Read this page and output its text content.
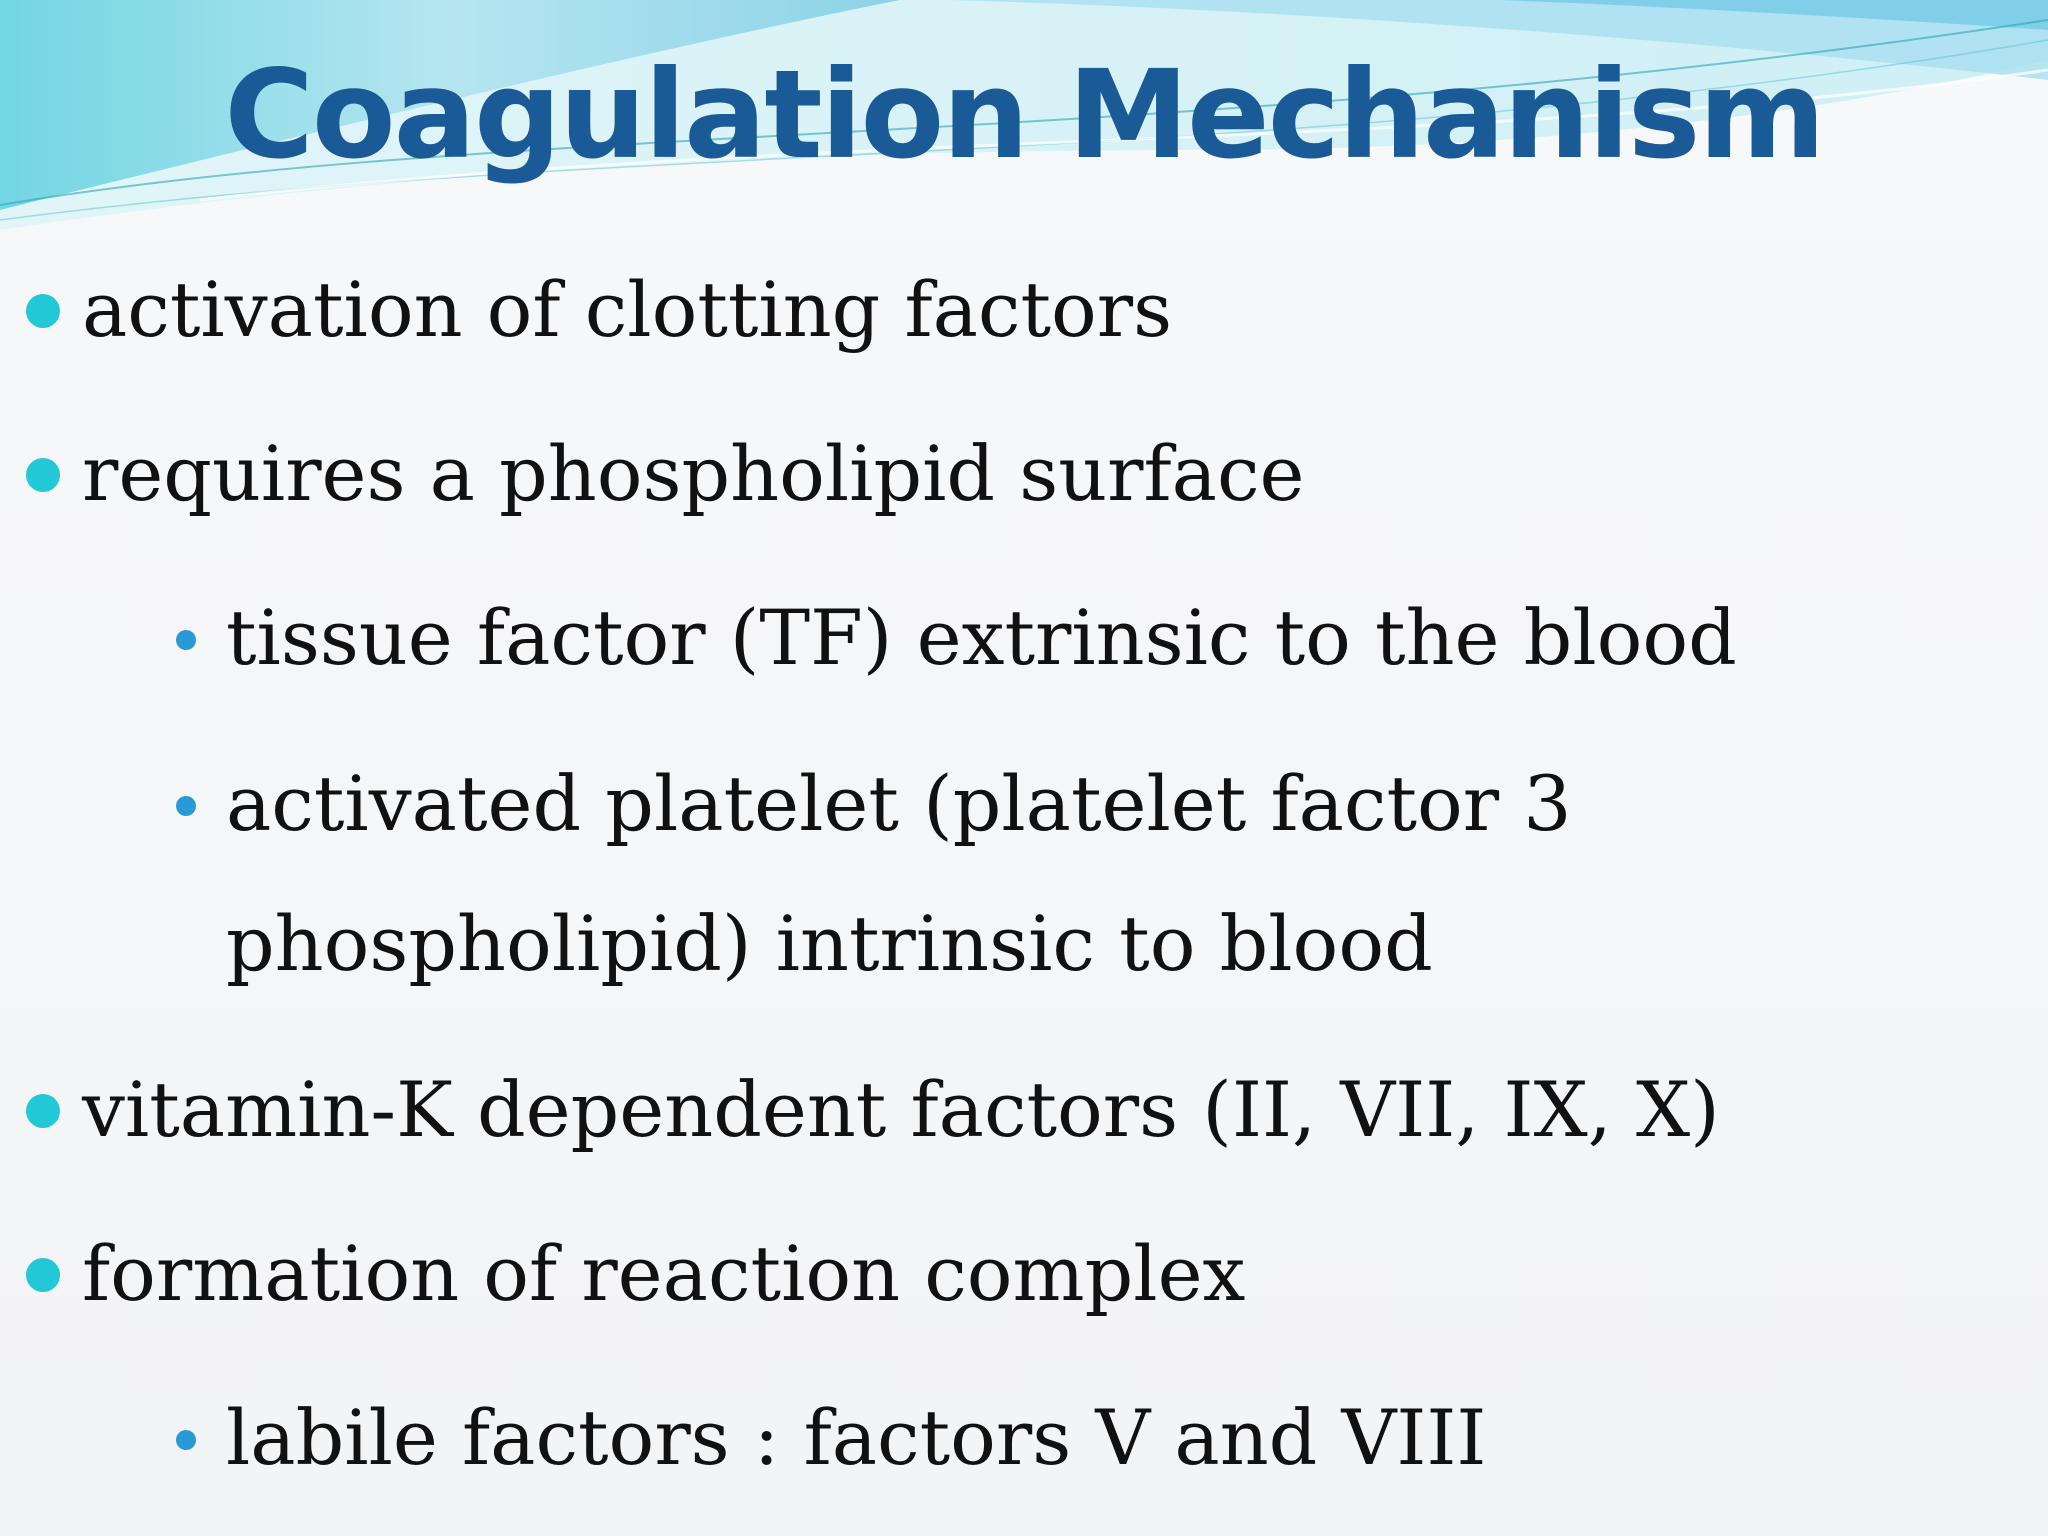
Coagulation Mechanism
activation of clotting factors
requires a phospholipid surface
tissue factor (TF) extrinsic to the blood
activated platelet (platelet factor 3
phospholipid) intrinsic to blood
vitamin-K dependent factors (II, VII, IX, X)
formation of reaction complex
labile factors : factors V and VIII
